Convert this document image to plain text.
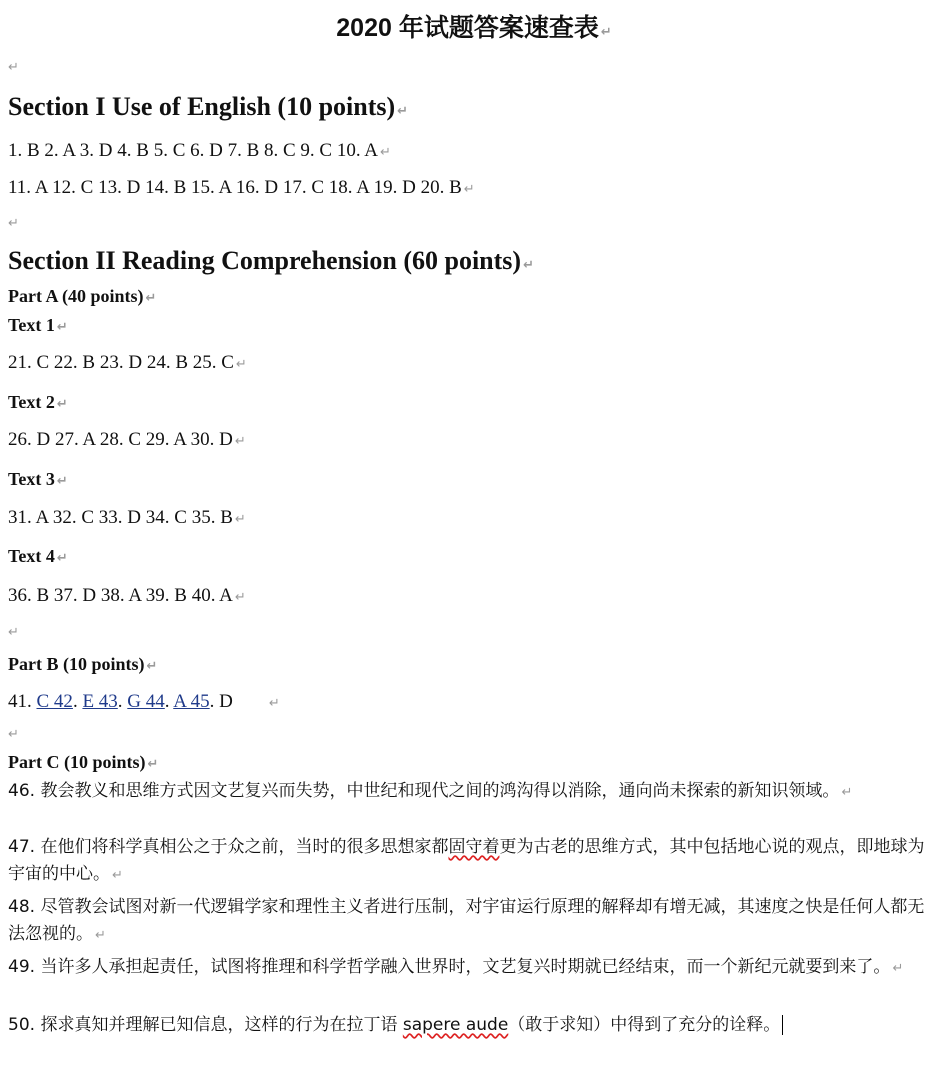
2020 年试题答案速查表 ↵
↵
Section I Use of English (10 points) ↵
1. B 2. A 3. D 4. B 5. C 6. D 7. B 8. C 9. C 10. A ↵
11. A 12. C 13. D 14. B 15. A 16. D 17. C 18. A 19. D 20. B ↵
↵
Section II Reading Comprehension (60 points) ↵
Part A (40 points) ↵
Text 1 ↵
21. C 22. B 23. D 24. B 25. C ↵
Text 2 ↵
26. D 27. A 28. C 29. A 30. D ↵
Text 3 ↵
31. A 32. C 33. D 34. C 35. B ↵
Text 4 ↵
36. B 37. D 38. A 39. B 40. A ↵
↵
Part B (10 points) ↵
41. C 42. E 43. G 44. A 45. D	↵
↵
Part C (10 points) ↵
46. 教会教义和思维方式因文艺复兴而失势，中世纪和现代之间的鸿沟得以消除，通向尚未探索的新知识领域。 ↵
47. 在他们将科学真相公之于众之前，当时的很多思想家都固守着更为古老的思维方式，其中包括地心说的观点，即地球为宇宙的中心。 ↵
48. 尽管教会试图对新一代逻辑学家和理性主义者进行压制，对宇宙运行原理的解释却有增无减，其速度之快是任何人都无法忽视的。 ↵
49. 当许多人承担起责任，试图将推理和科学哲学融入世界时，文艺复兴时期就已经结束，而一个新纪元就要到来了。 ↵
50. 探求真知并理解已知信息，这样的行为在拉丁语 sapere aude（敢于求知）中得到了充分的诠释。
